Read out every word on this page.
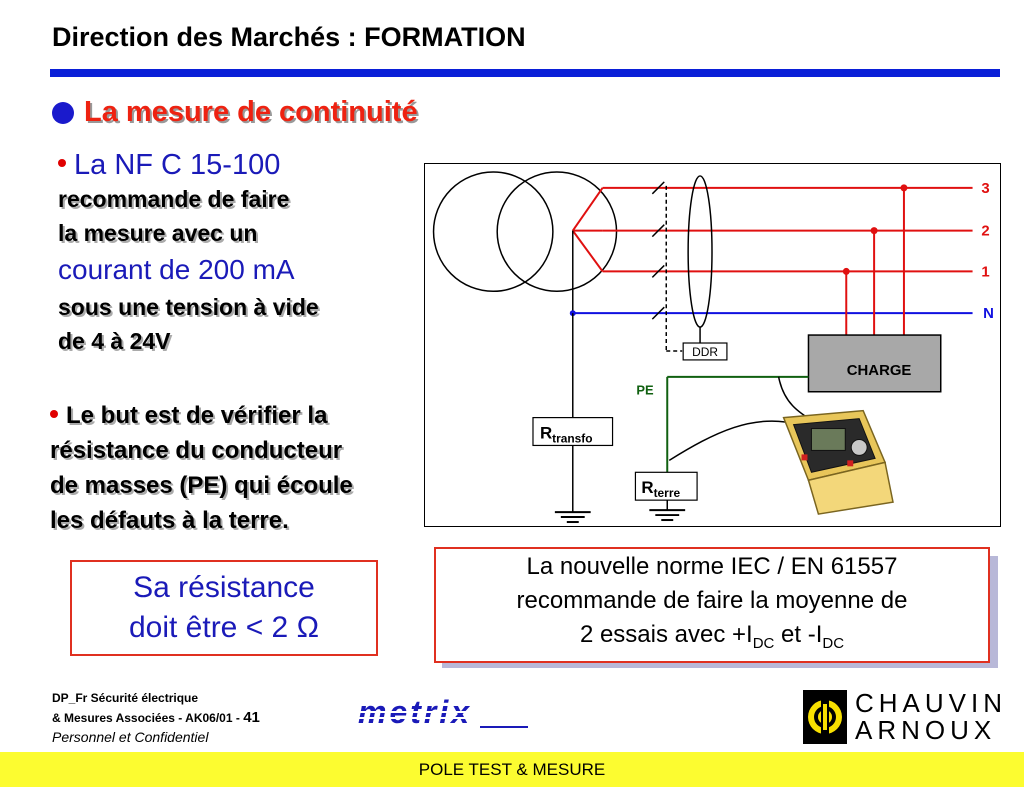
Direction des Marchés : FORMATION
La mesure de continuité
La NF C 15-100
recommande de faire
la mesure avec un
courant de 200 mA
sous une tension à vide
de 4 à 24V
Le but est de vérifier la
résistance du conducteur
de masses (PE) qui écoule
les défauts à la terre.
DDR
CHARGE
3
2
1
N
PE
$R_{transfo}$
$R_{terre}$
Sa résistance
doit être < 2 Ω
La nouvelle norme IEC / EN 61557
recommande de faire la moyenne de
2 essais avec $+I_{DC}$ et $-I_{DC}$
DP_Fr Sécurité électrique
& Mesures Associées - AK06/01 - 41
Personnel et Confidentiel
metrix	CHAUVIN
ARNOUX
POLE TEST & MESURE
